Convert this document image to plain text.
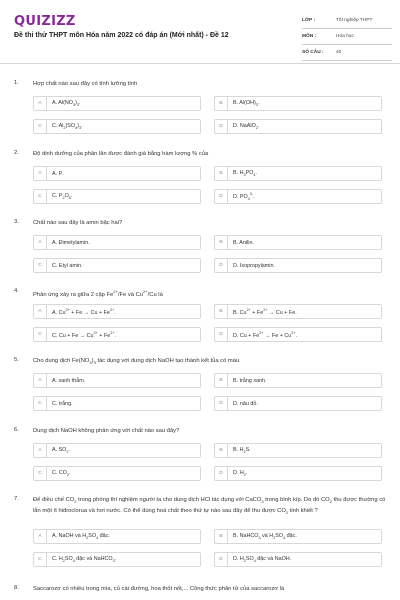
QUIZIZZ
Đề thi thử THPT môn Hóa năm 2022 có đáp án (Mới nhất) - Đề 12
LỚP :	Tốt nghiệp THPT
MÔN :	Hóa học
SỐ CÂU :	40
1. Hợp chất nào sau đây có tính lưỡng tính
A	A. $Al(NO_3)_3$.	B	B. $Al(OH)_3$.
C	C. $Al_2(SO_4)_3$.	D	D. NaAlO$_2$.
2. Độ dinh dưỡng của phân lân được đánh giá bằng hàm lượng % của
A	A. P.	B	B. $H_3PO_4$.
C	C. $P_2O_5$.	D	D. $PO_4^{3-}$.
3. Chất nào sau đây là amin bậc hai?
A	A. Đimetylamin.	B	B. Anilin.
C	C. Etyl amin.	D	D. Isopropylamin.
4.
Phản ứng xảy ra giữa 2 cặp $Fe^{2+}/Fe$ và $Cu^{2+}/Cu$ là
A	A. $Cu^{2+} + Fe \to Cu + Fe^{2+}$.	B	B. $Cu^{2+} + Fe^{2+} \to Cu + Fe$.
C	C. $Cu + Fe \to Cu^{2+} + Fe^{2+}$.	D	D. $Cu + Fe^{2+} \to Fe + Cu^{2+}$.
5. Cho dung dịch $Fe(NO_3)_3$ tác dụng với dung dịch NaOH tạo thành kết tủa có màu
A	A. xanh thẫm.	B	B. trắng xanh.
C	C. trắng.	D	D. nâu đỏ.
6. Dung dịch NaOH không phản ứng với chất nào sau đây?
A	A. $SO_2$.	B	B. $H_2S$.
C	C. $CO_2$.	D	D. $H_2$.
7. Để điều chế $CO_2$ trong phòng thí nghiệm người ta cho dung dịch HCl tác dụng với CaCO$_3$ trong bình kíp. Do đó $CO_2$ thu được thường có lẫn một ít hiđroclorua và hơi nước. Có thể dùng hoá chất theo thứ tự nào sau đây để thu được $CO_2$ tinh khiết ?
A	A. NaOH và $H_2SO_4$ đặc.	B	B. NaHCO$_3$ và $H_2SO_4$ đặc.
C	C. $H_2SO_4$ đặc và NaHCO$_3$.	D	D. $H_2SO_4$ đặc và NaOH.
8. Saccarozơ có nhiều trong mía, củ cải đường, hoa thốt nốt,... Công thức phân tử của saccarozơ là
